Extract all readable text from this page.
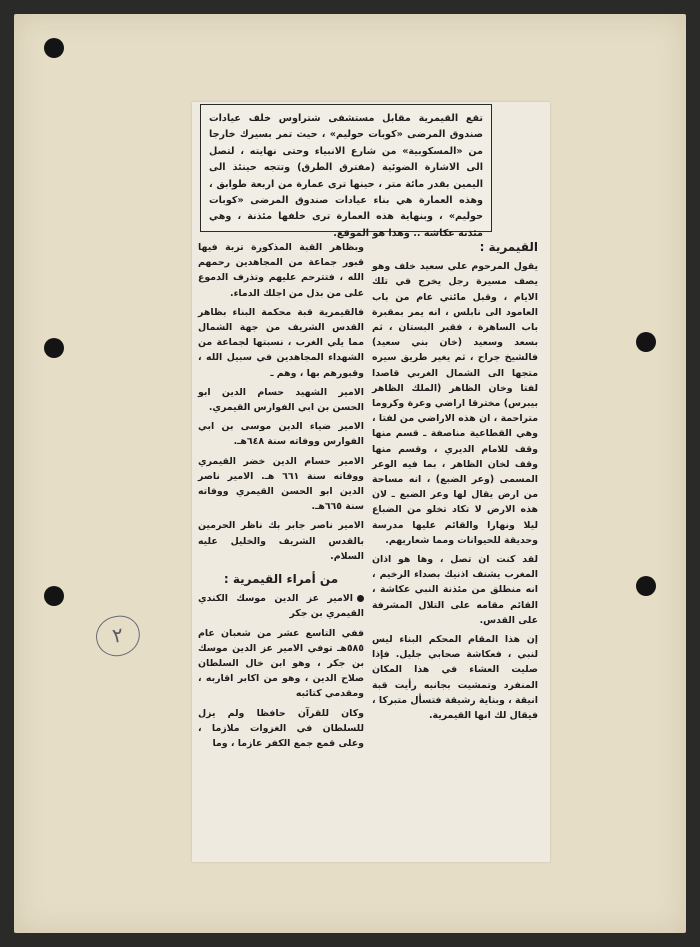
٢
تقع القيمرية مقابل مستشفى شتراوس خلف عيادات صندوق المرضى «كوبات حوليم» ، حيث تمر بسيرك خارجا من «المسكوبية» من شارع الانبياء وحتى نهايته ، لتصل الى الاشارة الضوئية (مفترق الطرق) وتتجه حينئذ الى اليمين بقدر مائة متر ، حينها ترى عمارة من اربعة طوابق ، وهذه العمارة هي بناء عيادات صندوق المرضى «كوبات حوليم» ، وبنهاية هذه العمارة ترى خلفها مئذنة ، وهي مئذنة عكاشة .. وهذا هو الموقع.
القيمرية :

يقول المرحوم علي سعيد خلف وهو يصف مسيرة رجل يخرج في تلك الايام ، وقبل مائتي عام من باب العامود الى نابلس ، انه يمر بمقبرة باب الساهرة ، فقبر البستان ، ثم بسعد وسعيد (خان بني سعيد) فالشيخ جراح ، ثم يغير طريق سيره متجها الى الشمال الغربي قاصدا لفتا وخان الظاهر (الملك الظاهر بيبرس) مخترقا اراضي وعرة وكروما متراحمة ، ان هذه الاراضي من لفتا ، وهي القطاعية مناصفة ـ قسم منها وقف للامام الديري ، وقسم منها وقف لخان الظاهر ، بما فيه الوعر المسمى (وعر الضبع) ، انه مساحة من ارض يقال لها وعر الضبع ـ لان هذه الارض لا تكاد تخلو من الضباع ليلا ونهارا والقائم عليها مدرسة وحديقة للحيوانات ومما شعاريهم.

لقد كنت ان تصل ، وها هو اذان المغرب يشنف اذنيك بصداء الرخيم ، انه منطلق من مئذنة النبي عكاشة ، القائم مقامه على التلال المشرفة على القدس.

إن هذا المقام المحكم البناء ليس لنبي ، فعكاشة صحابي جليل. فإذا صليت العشاء في هذا المكان المنفرد وتمشيت بجانبه رأيت قبة انيقة ، وبناية رشيقة فتسأل متبركا ، فيقال لك انها القيمرية.

وبظاهر القبة المذكورة تربة فيها قبور جماعة من المجاهدين رحمهم الله ، فتترحم عليهم وتذرف الدموع على من بذل من اجلك الدماء.

فالقيمرية قبة محكمة البناء بظاهر القدس الشريف من جهة الشمال مما يلي الغرب ، نسبتها لجماعة من الشهداء المجاهدين في سبيل الله ، وقبورهم بها ، وهم ـ

الامير الشهيد حسام الدين ابو الحسن بن ابي الفوارس القيمري.

الامير ضياء الدين موسى بن ابي الفوارس ووفاته سنة ٦٤٨هـ.

الامير حسام الدين خضر القيمري ووفاته سنة ٦٦١ هـ. الامير ناصر الدين ابو الحسن القيمري ووفاته سنة ٦٦٥هـ.

الامير ناصر جابر بك ناظر الحرمين بالقدس الشريف والخليل عليه السلام.

من أمراء القيمرية :

الامير عز الدين موسك الكندي القيمري بن جكر

ففي التاسع عشر من شعبان عام ٥٨٥هـ توفي الامير عز الدين موسك بن جكر ، وهو ابن خال السلطان صلاح الدين ، وهو من اكابر اقاربه ، ومقدمي كتائبه

وكان للقرآن حافظا ولم يزل للسلطان في الغزوات ملازما ، وعلى قمع جمع الكفر عازما ، وما
